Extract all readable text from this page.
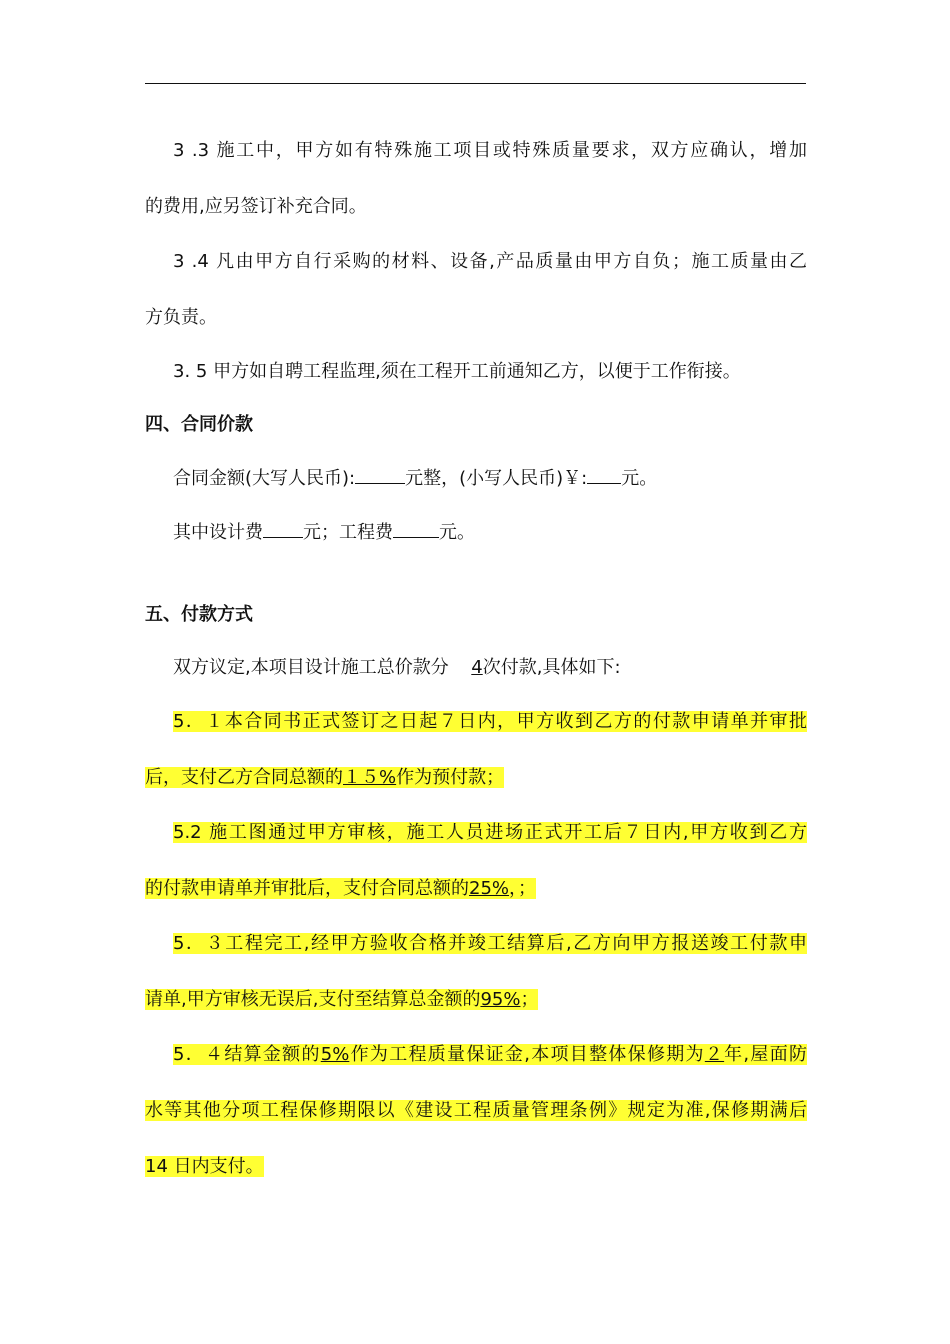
3 .3 施工中，甲方如有特殊施工项目或特殊质量要求，双方应确认，增加
的费用,应另签订补充合同。
3 .4 凡由甲方自行采购的材料、设备,产品质量由甲方自负；施工质量由乙
方负责。
3. 5 甲方如自聘工程监理,须在工程开工前通知乙方，以便于工作衔接。
四、合同价款
合同金额(大写人民币):	元整，(小写人民币)￥: 元。
其中设计费 元；工程费	元。
五、付款方式
双方议定,本项目设计施工总价款分 4次付款,具体如下:
5．１本合同书正式签订之日起７日内，甲方收到乙方的付款申请单并审批
后，支付乙方合同总额的１５%作为预付款；
5.2 施工图通过甲方审核，施工人员进场正式开工后７日内,甲方收到乙方
的付款申请单并审批后，支付合同总额的25%，；
5．３工程完工,经甲方验收合格并竣工结算后,乙方向甲方报送竣工付款申
请单,甲方审核无误后,支付至结算总金额的95%；
5．４结算金额的5%作为工程质量保证金,本项目整体保修期为２年,屋面防
水等其他分项工程保修期限以《建设工程质量管理条例》规定为准,保修期满后
14 日内支付。
